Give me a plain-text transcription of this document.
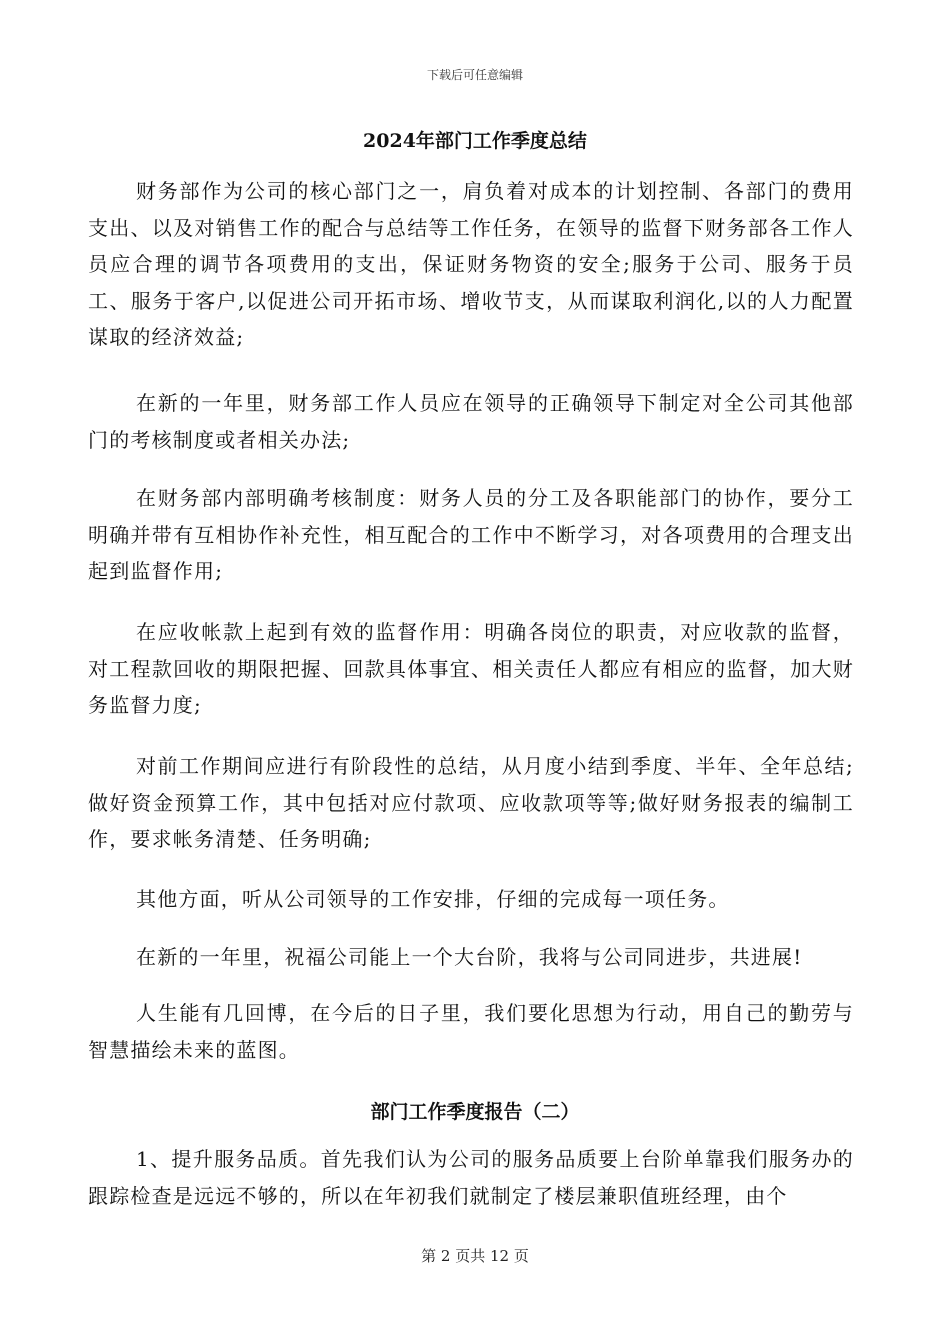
下载后可任意编辑
2024年部门工作季度总结

财务部作为公司的核心部门之一，肩负着对成本的计划控制、各部门的费用支出、以及对销售工作的配合与总结等工作任务，在领导的监督下财务部各工作人员应合理的调节各项费用的支出，保证财务物资的安全;服务于公司、服务于员工、服务于客户,以促进公司开拓市场、增收节支，从而谋取利润化,以的人力配置谋取的经济效益;

在新的一年里，财务部工作人员应在领导的正确领导下制定对全公司其他部门的考核制度或者相关办法;

在财务部内部明确考核制度：财务人员的分工及各职能部门的协作，要分工明确并带有互相协作补充性，相互配合的工作中不断学习，对各项费用的合理支出起到监督作用;

在应收帐款上起到有效的监督作用：明确各岗位的职责，对应收款的监督，对工程款回收的期限把握、回款具体事宜、相关责任人都应有相应的监督，加大财务监督力度;

对前工作期间应进行有阶段性的总结，从月度小结到季度、半年、全年总结;做好资金预算工作，其中包括对应付款项、应收款项等等;做好财务报表的编制工作，要求帐务清楚、任务明确;

其他方面，听从公司领导的工作安排，仔细的完成每一项任务。

在新的一年里，祝福公司能上一个大台阶，我将与公司同进步，共进展!

人生能有几回博，在今后的日子里，我们要化思想为行动，用自己的勤劳与智慧描绘未来的蓝图。

部门工作季度报告（二）

1、提升服务品质。首先我们认为公司的服务品质要上台阶单靠我们服务办的跟踪检查是远远不够的，所以在年初我们就制定了楼层兼职值班经理，由个

第 2 页共 12 页
